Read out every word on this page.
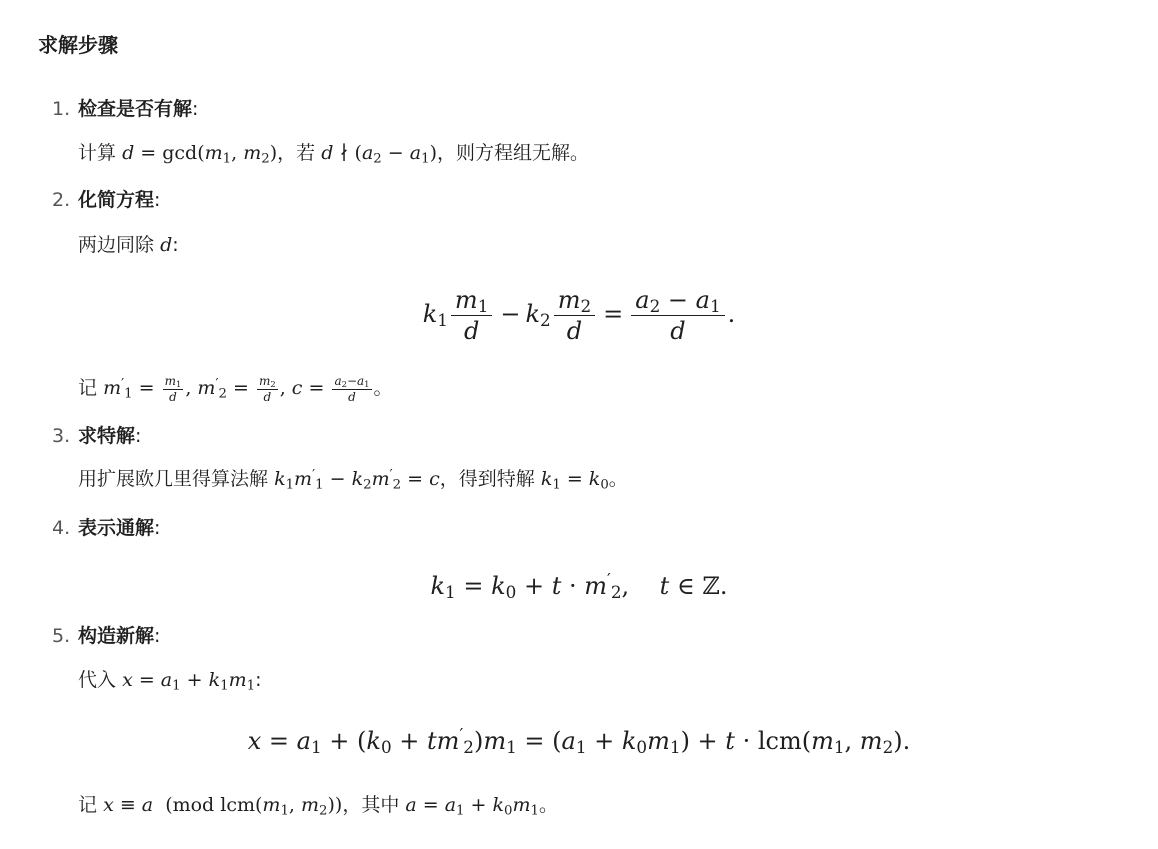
求解步骤
1. 检查是否有解:
计算 $d = \gcd(m_1$, $m_2$)，若 d ∤ $(a_2 - a_1)$，则方程组无解。
2. 化简方程:
两边同除 d:
$k_1 \frac{m_1}{d} - k_2 \frac{m_2}{d} = \frac{a_2 - a_1}{d}$ .
记 $m'_1 = \frac{m_1}{d}$ , $m'_2 = \frac{m_2}{d}$ , $c = \frac{a_2-a_1}{d}$ 。
3. 求特解:
用扩展欧几里得算法解 $k_1m'_1 - k_2m'_2 = c$，得到特解 $k_1 = k_0$。
4. 表示通解:
$k_1 = k_0 + t \cdot m'_2$,    t ∈ ℤ.
5. 构造新解:
代入 $x = a_1 + k_1m_1$:
$x = a_1 + (k_0 + tm'_2)m_1 = (a_1 + k_0m_1) + t \cdot lcm(m_1$, $m_2$).
记 x ≡ a  (mod $lcm(m_1$, $m_2$))，其中 $a = a_1 + k_0m_1$。
